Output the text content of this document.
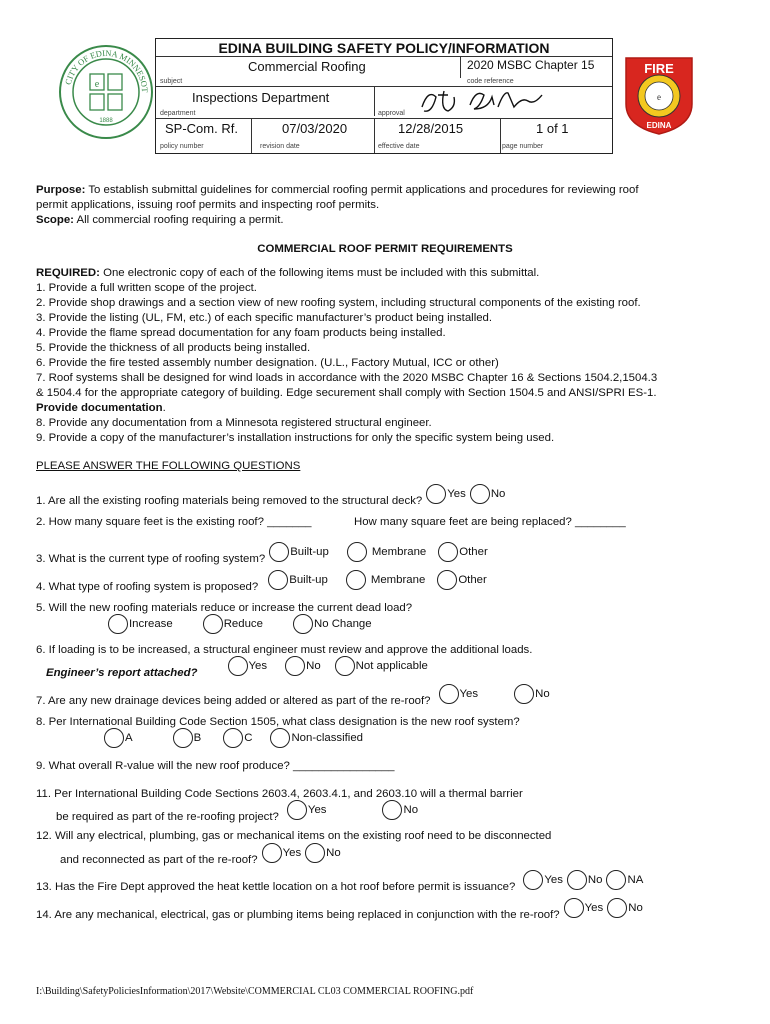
CITY OF EDINA MINNESOT
e
1888
e
FIRE
EDINA
EDINA BUILDING SAFETY POLICY/INFORMATION
Commercial Roofing	2020 MSBC Chapter 15
subject	code reference
Inspections Department
department	approval
SP-Com. Rf.	07/03/2020	12/28/2015	1 of 1
policy number	revision date	effective date	page number
Purpose: To establish submittal guidelines for commercial roofing permit applications and procedures for reviewing roof
permit applications, issuing roof permits and inspecting roof permits.
Scope: All commercial roofing requiring a permit.
COMMERCIAL ROOF PERMIT REQUIREMENTS
REQUIRED: One electronic copy of each of the following items must be included with this submittal.
1. Provide a full written scope of the project.
2. Provide shop drawings and a section view of new roofing system, including structural components of the existing roof.
3. Provide the listing (UL, FM, etc.) of each specific manufacturer’s product being installed.
4. Provide the flame spread documentation for any foam products being installed.
5. Provide the thickness of all products being installed.
6. Provide the fire tested assembly number designation. (U.L., Factory Mutual, ICC or other)
7. Roof systems shall be designed for wind loads in accordance with the 2020 MSBC Chapter 16 & Sections 1504.2,1504.3
& 1504.4 for the appropriate category of building. Edge securement shall comply with Section 1504.5 and ANSI/SPRI ES-1.
Provide documentation.
8. Provide any documentation from a Minnesota registered structural engineer.
9. Provide a copy of the manufacturer’s installation instructions for only the specific system being used.
PLEASE ANSWER THE FOLLOWING QUESTIONS
1. Are all the existing roofing materials being removed to the structural deck?
Yes No
2. How many square feet is the existing roof? _______	How many square feet are being replaced? ________
3. What is the current type of roofing system?
Built-up	Membrane	Other
4. What type of roofing system is proposed?
Built-up	Membrane	Other
5. Will the new roofing materials reduce or increase the current dead load?
Increase	Reduce	No Change
6. If loading is to be increased, a structural engineer must review and approve the additional loads.
Engineer’s report attached?
Yes	No	Not applicable
7. Are any new drainage devices being added or altered as part of the re-roof?
Yes	No
8. Per International Building Code Section 1505, what class designation is the new roof system?
A	B	C	Non-classified
9. What overall R-value will the new roof produce? ________________
11. Per International Building Code Sections 2603.4, 2603.4.1, and 2603.10 will a thermal barrier
be required as part of the re-roofing project?
Yes	No
12. Will any electrical, plumbing, gas or mechanical items on the existing roof need to be disconnected
and reconnected as part of the re-roof?
Yes No
13. Has the Fire Dept approved the heat kettle location on a hot roof before permit is issuance?
Yes No NA
14. Are any mechanical, electrical, gas or plumbing items being replaced in conjunction with the re-roof?
Yes No
I:\Building\SafetyPoliciesInformation\2017\Website\COMMERCIAL CL03 COMMERCIAL ROOFING.pdf
